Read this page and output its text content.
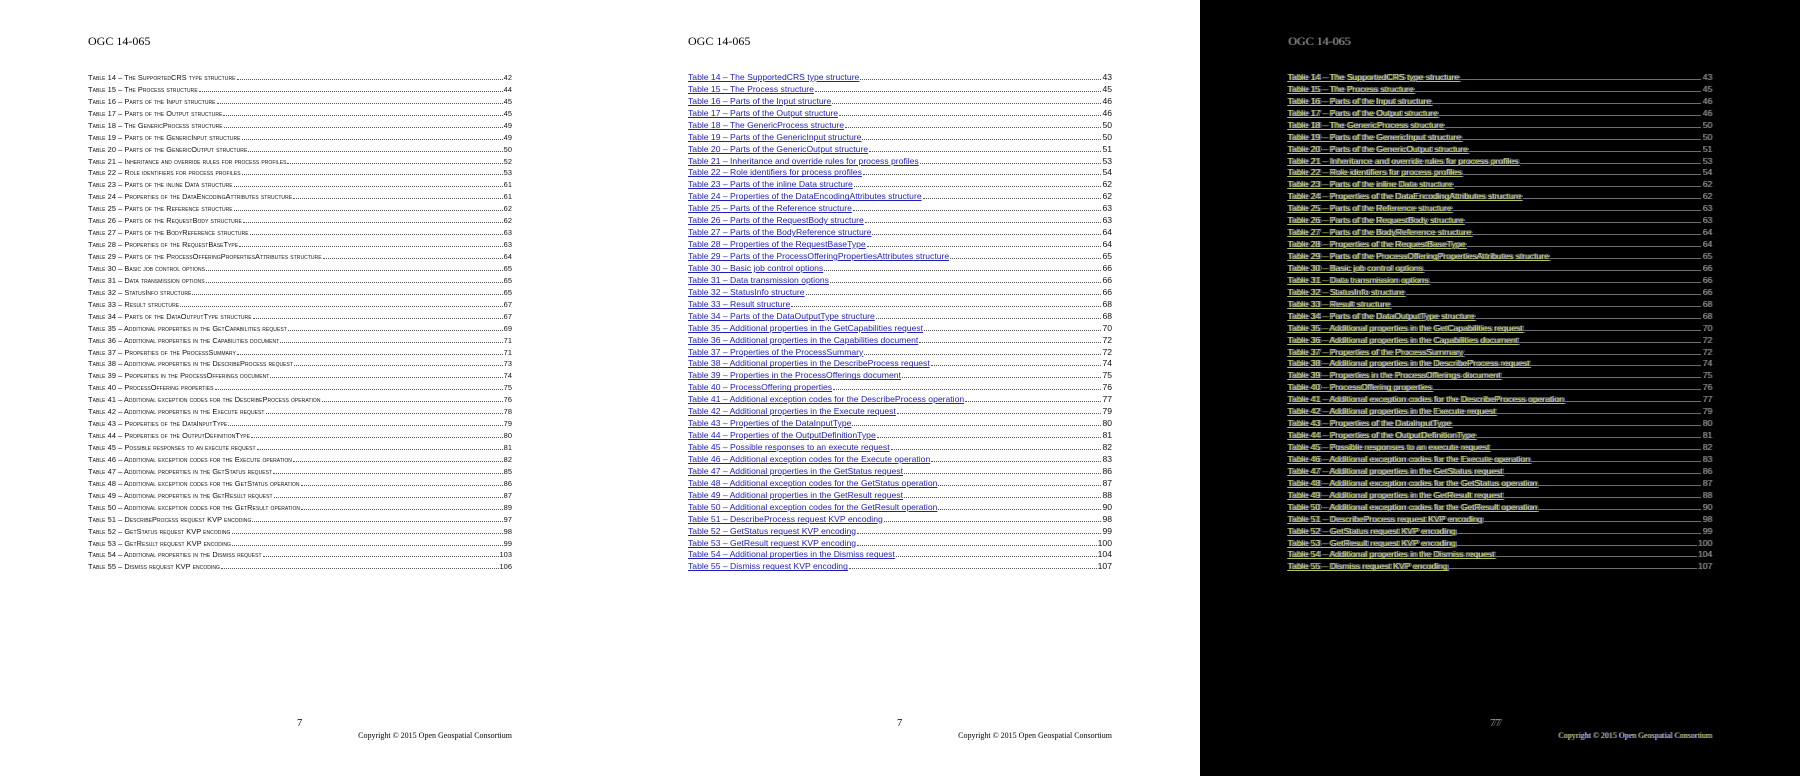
OGC 14-065
Table 14 – The SupportedCRS type structure	42
Table 15 – The Process structure	44
Table 16 – Parts of the Input structure	45
Table 17 – Parts of the Output structure	45
Table 18 – The GenericProcess structure	49
Table 19 – Parts of the GenericInput structure	49
Table 20 – Parts of the GenericOutput structure	50
Table 21 – Inheritance and override rules for process profiles	52
Table 22 – Role identifiers for process profiles	53
Table 23 – Parts of the inline Data structure	61
Table 24 – Properties of the DataEncodingAttributes structure	61
Table 25 – Parts of the Reference structure	62
Table 26 – Parts of the RequestBody structure	62
Table 27 – Parts of the BodyReference structure	63
Table 28 – Properties of the RequestBaseType	63
Table 29 – Parts of the ProcessOfferingPropertiesAttributes structure	64
Table 30 – Basic job control options	65
Table 31 – Data transmission options	65
Table 32 – StatusInfo structure	65
Table 33 – Result structure	67
Table 34 – Parts of the DataOutputType structure	67
Table 35 – Additional properties in the GetCapabilities request	69
Table 36 – Additional properties in the Capabilities document	71
Table 37 – Properties of the ProcessSummary	71
Table 38 – Additional properties in the DescribeProcess request	73
Table 39 – Properties in the ProcessOfferings document	74
Table 40 – ProcessOffering properties	75
Table 41 – Additional exception codes for the DescribeProcess operation	76
Table 42 – Additional properties in the Execute request	78
Table 43 – Properties of the DataInputType	79
Table 44 – Properties of the OutputDefinitionType	80
Table 45 – Possible responses to an execute request	81
Table 46 – Additional exception codes for the Execute operation	82
Table 47 – Additional properties in the GetStatus request	85
Table 48 – Additional exception codes for the GetStatus operation	86
Table 49 – Additional properties in the GetResult request	87
Table 50 – Additional exception codes for the GetResult operation	89
Table 51 – DescribeProcess request KVP encoding	97
Table 52 – GetStatus request KVP encoding	98
Table 53 – GetResult request KVP encoding	99
Table 54 – Additional properties in the Dismiss request	103
Table 55 – Dismiss request KVP encoding	106
7
Copyright © 2015 Open Geospatial Consortium
OGC 14-065
Table 14 – The SupportedCRS type structure	43
Table 15 – The Process structure	45
Table 16 – Parts of the Input structure	46
Table 17 – Parts of the Output structure	46
Table 18 – The GenericProcess structure	50
Table 19 – Parts of the GenericInput structure	50
Table 20 – Parts of the GenericOutput structure	51
Table 21 – Inheritance and override rules for process profiles	53
Table 22 – Role identifiers for process profiles	54
Table 23 – Parts of the inline Data structure	62
Table 24 – Properties of the DataEncodingAttributes structure	62
Table 25 – Parts of the Reference structure	63
Table 26 – Parts of the RequestBody structure	63
Table 27 – Parts of the BodyReference structure	64
Table 28 – Properties of the RequestBaseType	64
Table 29 – Parts of the ProcessOfferingPropertiesAttributes structure	65
Table 30 – Basic job control options	66
Table 31 – Data transmission options	66
Table 32 – StatusInfo structure	66
Table 33 – Result structure	68
Table 34 – Parts of the DataOutputType structure	68
Table 35 – Additional properties in the GetCapabilities request	70
Table 36 – Additional properties in the Capabilities document	72
Table 37 – Properties of the ProcessSummary	72
Table 38 – Additional properties in the DescribeProcess request	74
Table 39 – Properties in the ProcessOfferings document	75
Table 40 – ProcessOffering properties	76
Table 41 – Additional exception codes for the DescribeProcess operation	77
Table 42 – Additional properties in the Execute request	79
Table 43 – Properties of the DataInputType	80
Table 44 – Properties of the OutputDefinitionType	81
Table 45 – Possible responses to an execute request	82
Table 46 – Additional exception codes for the Execute operation	83
Table 47 – Additional properties in the GetStatus request	86
Table 48 – Additional exception codes for the GetStatus operation	87
Table 49 – Additional properties in the GetResult request	88
Table 50 – Additional exception codes for the GetResult operation	90
Table 51 – DescribeProcess request KVP encoding	98
Table 52 – GetStatus request KVP encoding	99
Table 53 – GetResult request KVP encoding	100
Table 54 – Additional properties in the Dismiss request	104
Table 55 – Dismiss request KVP encoding	107
7
Copyright © 2015 Open Geospatial Consortium
OGC 14-065
Table 14 – The SupportedCRS type structure	43
Table 15 – The Process structure	45
Table 16 – Parts of the Input structure	46
Table 17 – Parts of the Output structure	46
Table 18 – The GenericProcess structure	50
Table 19 – Parts of the GenericInput structure	50
Table 20 – Parts of the GenericOutput structure	51
Table 21 – Inheritance and override rules for process profiles	53
Table 22 – Role identifiers for process profiles	54
Table 23 – Parts of the inline Data structure	62
Table 24 – Properties of the DataEncodingAttributes structure	62
Table 25 – Parts of the Reference structure	63
Table 26 – Parts of the RequestBody structure	63
Table 27 – Parts of the BodyReference structure	64
Table 28 – Properties of the RequestBaseType	64
Table 29 – Parts of the ProcessOfferingPropertiesAttributes structure	65
Table 30 – Basic job control options	66
Table 31 – Data transmission options	66
Table 32 – StatusInfo structure	66
Table 33 – Result structure	68
Table 34 – Parts of the DataOutputType structure	68
Table 35 – Additional properties in the GetCapabilities request	70
Table 36 – Additional properties in the Capabilities document	72
Table 37 – Properties of the ProcessSummary	72
Table 38 – Additional properties in the DescribeProcess request	74
Table 39 – Properties in the ProcessOfferings document	75
Table 40 – ProcessOffering properties	76
Table 41 – Additional exception codes for the DescribeProcess operation	77
Table 42 – Additional properties in the Execute request	79
Table 43 – Properties of the DataInputType	80
Table 44 – Properties of the OutputDefinitionType	81
Table 45 – Possible responses to an execute request	82
Table 46 – Additional exception codes for the Execute operation	83
Table 47 – Additional properties in the GetStatus request	86
Table 48 – Additional exception codes for the GetStatus operation	87
Table 49 – Additional properties in the GetResult request	88
Table 50 – Additional exception codes for the GetResult operation	90
Table 51 – DescribeProcess request KVP encoding	98
Table 52 – GetStatus request KVP encoding	99
Table 53 – GetResult request KVP encoding	100
Table 54 – Additional properties in the Dismiss request	104
Table 55 – Dismiss request KVP encoding	107
77
Copyright © 2015 Open Geospatial Consortium
